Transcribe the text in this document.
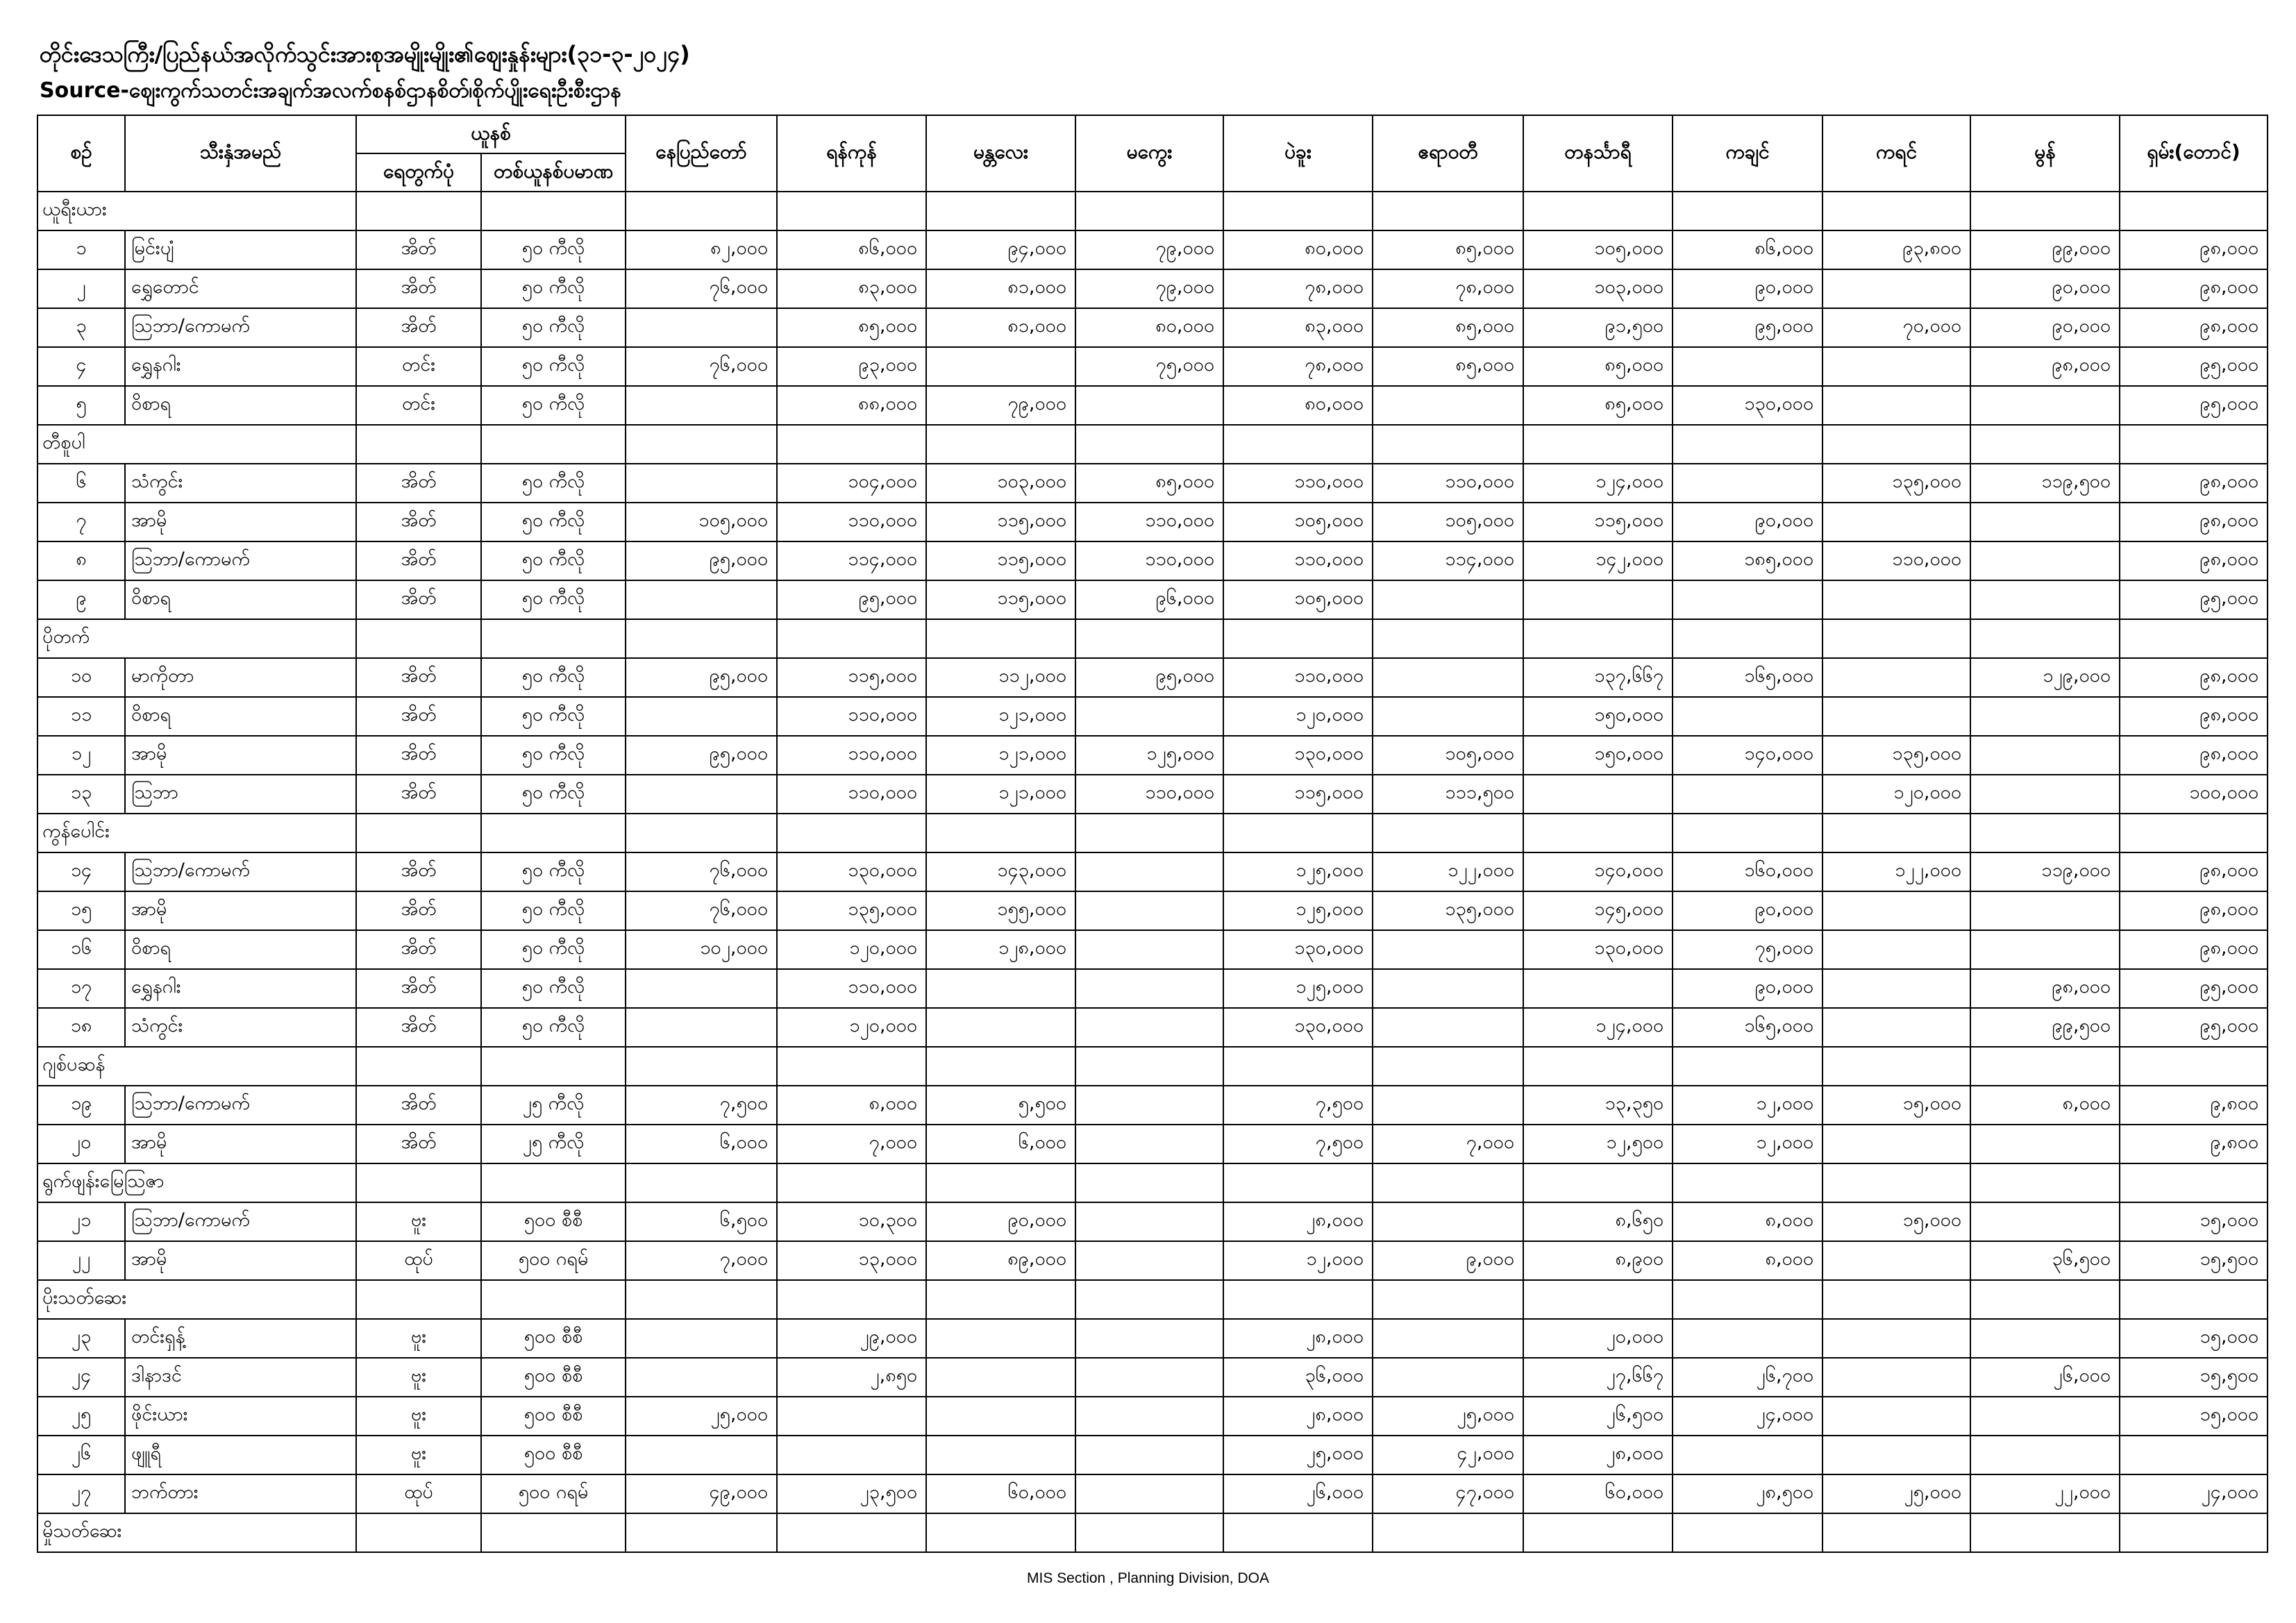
တိုင်းဒေသကြီး/ပြည်နယ်အလိုက်သွင်းအားစုအမျိုးမျိုး၏ဈေးနှုန်းများ(၃၁-၃-၂၀၂၄)
Source-ဈေးကွက်သတင်းအချက်အလက်စနစ်ဌာနစိတ်၊စိုက်ပျိုးရေးဦးစီးဌာန
စဉ်	သီးနှံအမည်	ယူနစ်		နေပြည်တော်	ရန်ကုန်	မန္တလေး	မကွေး	ပဲခူး	ဧရာဝတီ	တနင်္သာရီ	ကချင်	ကရင်	မွန်	ရှမ်း(တောင်)
		ရေတွက်ပုံ	တစ်ယူနစ်ပမာဏ											
ယူရီးယား														
၁	မြင်းပျံ	အိတ်	၅၀ ကီလို	၈၂,၀၀၀	၈၆,၀၀၀	၉၄,၀၀၀	၇၉,၀၀၀	၈၀,၀၀၀	၈၅,၀၀၀	၁၀၅,၀၀၀	၈၆,၀၀၀	၉၃,၈၀၀	၉၉,၀၀၀	၉၈,၀၀၀
၂	ရွှေတောင်	အိတ်	၅၀ ကီလို	၇၆,၀၀၀	၈၃,၀၀၀	၈၁,၀၀၀	၇၉,၀၀၀	၇၈,၀၀၀	၇၈,၀၀၀	၁၀၃,၀၀၀	၉၀,၀၀၀		၉၀,၀၀၀	၉၈,၀၀၀
၃	ဩဘာ/ကောမက်	အိတ်	၅၀ ကီလို		၈၅,၀၀၀	၈၁,၀၀၀	၈၀,၀၀၀	၈၃,၀၀၀	၈၅,၀၀၀	၉၁,၅၀၀	၉၅,၀၀၀	၇၀,၀၀၀	၉၀,၀၀၀	၉၈,၀၀၀
၄	ရွှေနဂါး	တင်း	၅၀ ကီလို	၇၆,၀၀၀	၉၃,၀၀၀		၇၅,၀၀၀	၇၈,၀၀၀	၈၅,၀၀၀	၈၅,၀၀၀			၉၈,၀၀၀	၉၅,၀၀၀
၅	ဝိစာရ	တင်း	၅၀ ကီလို		၈၈,၀၀၀	၇၉,၀၀၀		၈၀,၀၀၀		၈၅,၀၀၀	၁၃၀,၀၀၀			၉၅,၀၀၀
တီစူပါ														
၆	သံကွင်း	အိတ်	၅၀ ကီလို		၁၀၄,၀၀၀	၁၀၃,၀၀၀	၈၅,၀၀၀	၁၁၀,၀၀၀	၁၁၀,၀၀၀	၁၂၄,၀၀၀		၁၃၅,၀၀၀	၁၁၉,၅၀၀	၉၈,၀၀၀
၇	အာမို	အိတ်	၅၀ ကီလို	၁၀၅,၀၀၀	၁၁၀,၀၀၀	၁၁၅,၀၀၀	၁၁၀,၀၀၀	၁၀၅,၀၀၀	၁၀၅,၀၀၀	၁၁၅,၀၀၀	၉၀,၀၀၀			၉၈,၀၀၀
၈	ဩဘာ/ကောမက်	အိတ်	၅၀ ကီလို	၉၅,၀၀၀	၁၁၄,၀၀၀	၁၁၅,၀၀၀	၁၁၀,၀၀၀	၁၁၀,၀၀၀	၁၁၄,၀၀၀	၁၄၂,၀၀၀	၁၈၅,၀၀၀	၁၁၀,၀၀၀		၉၈,၀၀၀
၉	ဝိစာရ	အိတ်	၅၀ ကီလို		၉၅,၀၀၀	၁၁၅,၀၀၀	၉၆,၀၀၀	၁၀၅,၀၀၀						၉၅,၀၀၀
ပိုတက်														
၁၀	မာကိုတာ	အိတ်	၅၀ ကီလို	၉၅,၀၀၀	၁၁၅,၀၀၀	၁၁၂,၀၀၀	၉၅,၀၀၀	၁၁၀,၀၀၀		၁၃၇,၆၆၇	၁၆၅,၀၀၀		၁၂၉,၀၀၀	၉၈,၀၀၀
၁၁	ဝိစာရ	အိတ်	၅၀ ကီလို		၁၁၀,၀၀၀	၁၂၁,၀၀၀		၁၂၀,၀၀၀		၁၅၀,၀၀၀				၉၈,၀၀၀
၁၂	အာမို	အိတ်	၅၀ ကီလို	၉၅,၀၀၀	၁၁၀,၀၀၀	၁၂၁,၀၀၀	၁၂၅,၀၀၀	၁၃၀,၀၀၀	၁၀၅,၀၀၀	၁၅၀,၀၀၀	၁၄၀,၀၀၀	၁၃၅,၀၀၀		၉၈,၀၀၀
၁၃	ဩဘာ	အိတ်	၅၀ ကီလို		၁၁၀,၀၀၀	၁၂၁,၀၀၀	၁၁၀,၀၀၀	၁၁၅,၀၀၀	၁၁၁,၅၀၀			၁၂၀,၀၀၀		၁၀၀,၀၀၀
ကွန်ပေါင်း														
၁၄	ဩဘာ/ကောမက်	အိတ်	၅၀ ကီလို	၇၆,၀၀၀	၁၃၀,၀၀၀	၁၄၃,၀၀၀		၁၂၅,၀၀၀	၁၂၂,၀၀၀	၁၄၀,၀၀၀	၁၆၀,၀၀၀	၁၂၂,၀၀၀	၁၁၉,၀၀၀	၉၈,၀၀၀
၁၅	အာမို	အိတ်	၅၀ ကီလို	၇၆,၀၀၀	၁၃၅,၀၀၀	၁၅၅,၀၀၀		၁၂၅,၀၀၀	၁၃၅,၀၀၀	၁၄၅,၀၀၀	၉၀,၀၀၀			၉၈,၀၀၀
၁၆	ဝိစာရ	အိတ်	၅၀ ကီလို	၁၀၂,၀၀၀	၁၂၀,၀၀၀	၁၂၈,၀၀၀		၁၃၀,၀၀၀		၁၃၀,၀၀၀	၇၅,၀၀၀			၉၈,၀၀၀
၁၇	ရွှေနဂါး	အိတ်	၅၀ ကီလို		၁၁၀,၀၀၀			၁၂၅,၀၀၀			၉၀,၀၀၀		၉၈,၀၀၀	၉၅,၀၀၀
၁၈	သံကွင်း	အိတ်	၅၀ ကီလို		၁၂၀,၀၀၀			၁၃၀,၀၀၀		၁၂၄,၀၀၀	၁၆၅,၀၀၀		၉၉,၅၀၀	၉၅,၀၀၀
ဂျစ်ပဆန်														
၁၉	ဩဘာ/ကောမက်	အိတ်	၂၅ ကီလို	၇,၅၀၀	၈,၀၀၀	၅,၅၀၀		၇,၅၀၀		၁၃,၃၅၀	၁၂,၀၀၀	၁၅,၀၀၀	၈,၀၀၀	၉,၈၀၀
၂၀	အာမို	အိတ်	၂၅ ကီလို	၆,၀၀၀	၇,၀၀၀	၆,၀၀၀		၇,၅၀၀	၇,၀၀၀	၁၂,၅၀၀	၁၂,၀၀၀			၉,၈၀၀
ရွက်ဖျန်းမြေဩဇာ														
၂၁	ဩဘာ/ကောမက်	ဗူး	၅၀၀ စီစီ	၆,၅၀၀	၁၀,၃၀၀	၉၀,၀၀၀		၂၈,၀၀၀		၈,၆၅၀	၈,၀၀၀	၁၅,၀၀၀		၁၅,၀၀၀
၂၂	အာမို	ထုပ်	၅၀၀ ဂရမ်	၇,၀၀၀	၁၃,၀၀၀	၈၉,၀၀၀		၁၂,၀၀၀	၉,၀၀၀	၈,၉၀၀	၈,၀၀၀		၃၆,၅၀၀	၁၅,၅၀၀
ပိုးသတ်ဆေး														
၂၃	တင်းရှန့်	ဗူး	၅၀၀ စီစီ		၂၉,၀၀၀			၂၈,၀၀၀		၂၀,၀၀၀				၁၅,၀၀၀
၂၄	ဒါနာဒင်	ဗူး	၅၀၀ စီစီ		၂,၈၅၀			၃၆,၀၀၀		၂၇,၆၆၇	၂၆,၇၀၀		၂၆,၀၀၀	၁၅,၅၀၀
၂၅	ဖိုင်းယား	ဗူး	၅၀၀ စီစီ	၂၅,၀၀၀				၂၈,၀၀၀	၂၅,၀၀၀	၂၆,၅၀၀	၂၄,၀၀၀			၁၅,၀၀၀
၂၆	ဖျူရီ	ဗူး	၅၀၀ စီစီ					၂၅,၀၀၀	၄၂,၀၀၀	၂၈,၀၀၀				
၂၇	ဘက်တား	ထုပ်	၅၀၀ ဂရမ်	၄၉,၀၀၀	၂၃,၅၀၀	၆၀,၀၀၀		၂၆,၀၀၀	၄၇,၀၀၀	၆၀,၀၀၀	၂၈,၅၀၀	၂၅,၀၀၀	၂၂,၀၀၀	၂၄,၀၀၀
မှိုသတ်ဆေး														
MIS Section , Planning Division, DOA
